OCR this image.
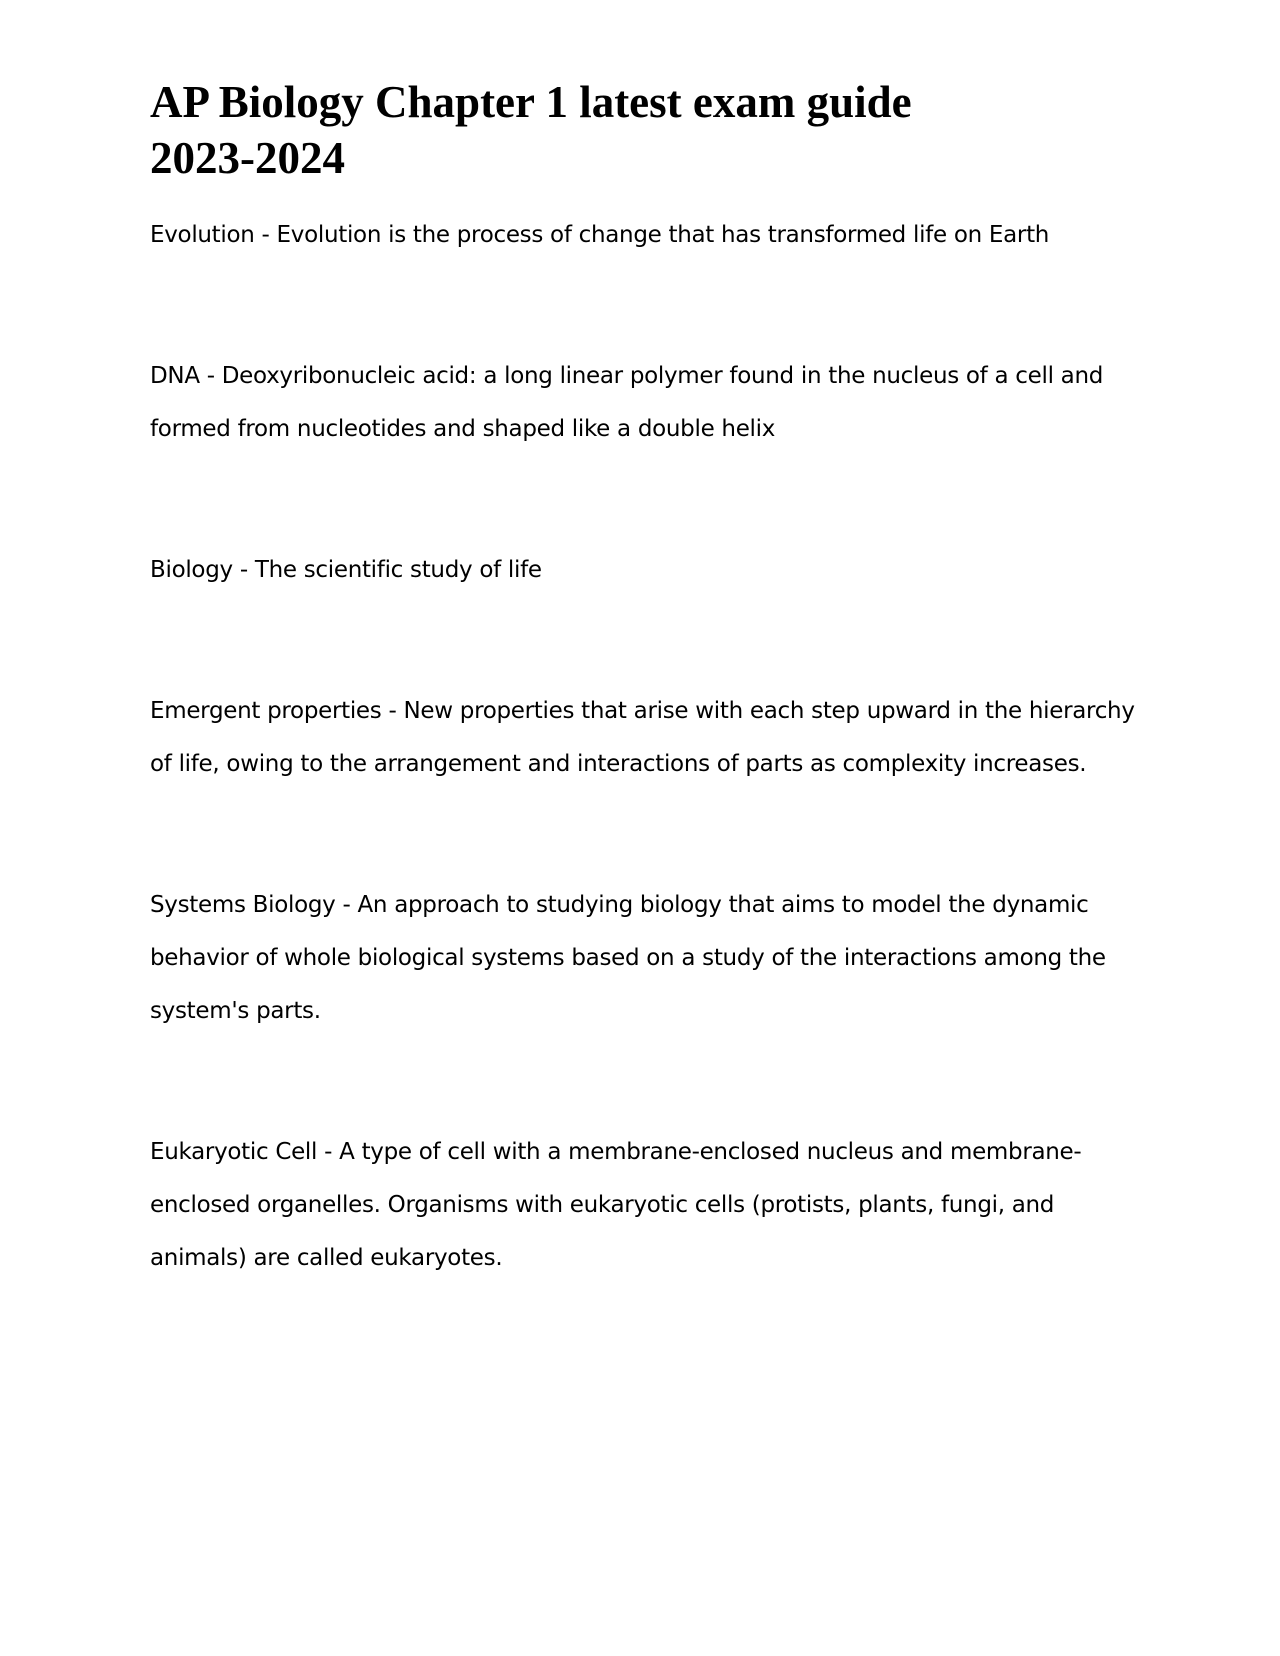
AP Biology Chapter 1 latest exam guide
2023-2024

Evolution - Evolution is the process of change that has transformed life on Earth

DNA - Deoxyribonucleic acid: a long linear polymer found in the nucleus of a cell and formed from nucleotides and shaped like a double helix

Biology - The scientific study of life

Emergent properties - New properties that arise with each step upward in the hierarchy of life, owing to the arrangement and interactions of parts as complexity increases.

Systems Biology - An approach to studying biology that aims to model the dynamic behavior of whole biological systems based on a study of the interactions among the system's parts.

Eukaryotic Cell - A type of cell with a membrane-enclosed nucleus and membrane-enclosed organelles. Organisms with eukaryotic cells (protists, plants, fungi, and animals) are called eukaryotes.
